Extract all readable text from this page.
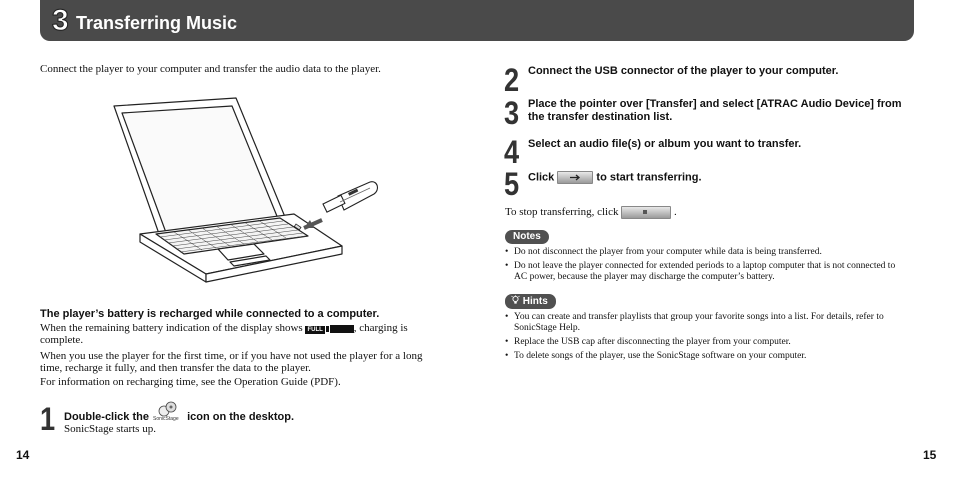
3 Transferring Music
Connect the player to your computer and transfer the audio data to the player.
The player’s battery is recharged while connected to a computer.
When the remaining battery indication of the display shows FULL	, charging is
complete.
When you use the player for the first time, or if you have not used the player for a long time, recharge it fully, and then transfer the data to the player.
For information on recharging time, see the Operation Guide (PDF).
1 Double-click the SonicStage icon on the desktop.
SonicStage starts up.
14
2 Connect the USB connector of the player to your computer.
3 Place the pointer over [Transfer] and select [ATRAC Audio Device] from the transfer destination list.
4 Select an audio file(s) or album you want to transfer.
5 Click	to start transferring.
To stop transferring, click	.
Notes
• Do not disconnect the player from your computer while data is being transferred.
• Do not leave the player connected for extended periods to a laptop computer that is not connected to AC power, because the player may discharge the computer’s battery.
Hints
• You can create and transfer playlists that group your favorite songs into a list. For details, refer to SonicStage Help.
• Replace the USB cap after disconnecting the player from your computer.
• To delete songs of the player, use the SonicStage software on your computer.
15
